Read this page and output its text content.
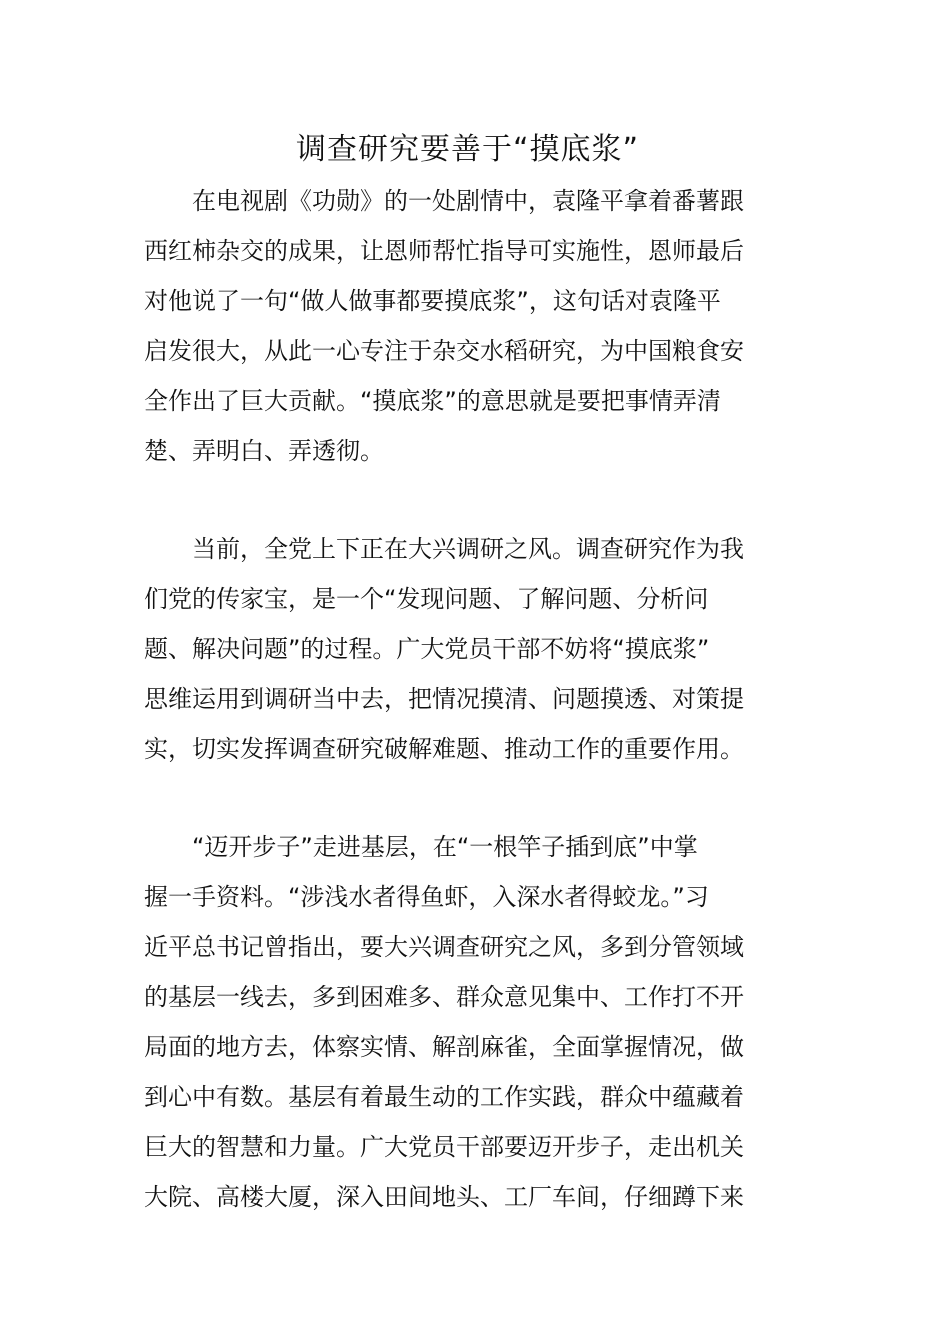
调查研究要善于“摸底浆”
　　在电视剧《功勋》的一处剧情中，袁隆平拿着番薯跟
西红柿杂交的成果，让恩师帮忙指导可实施性，恩师最后
对他说了一句“做人做事都要摸底浆”，这句话对袁隆平
启发很大，从此一心专注于杂交水稻研究，为中国粮食安
全作出了巨大贡献。“摸底浆”的意思就是要把事情弄清
楚、弄明白、弄透彻。
　　当前，全党上下正在大兴调研之风。调查研究作为我
们党的传家宝，是一个“发现问题、了解问题、分析问
题、解决问题”的过程。广大党员干部不妨将“摸底浆”
思维运用到调研当中去，把情况摸清、问题摸透、对策提
实，切实发挥调查研究破解难题、推动工作的重要作用。
　　“迈开步子”走进基层，在“一根竿子插到底”中掌
握一手资料。“涉浅水者得鱼虾，入深水者得蛟龙。”习
近平总书记曾指出，要大兴调查研究之风，多到分管领域
的基层一线去，多到困难多、群众意见集中、工作打不开
局面的地方去，体察实情、解剖麻雀，全面掌握情况，做
到心中有数。基层有着最生动的工作实践，群众中蕴藏着
巨大的智慧和力量。广大党员干部要迈开步子，走出机关
大院、高楼大厦，深入田间地头、工厂车间，仔细蹲下来
